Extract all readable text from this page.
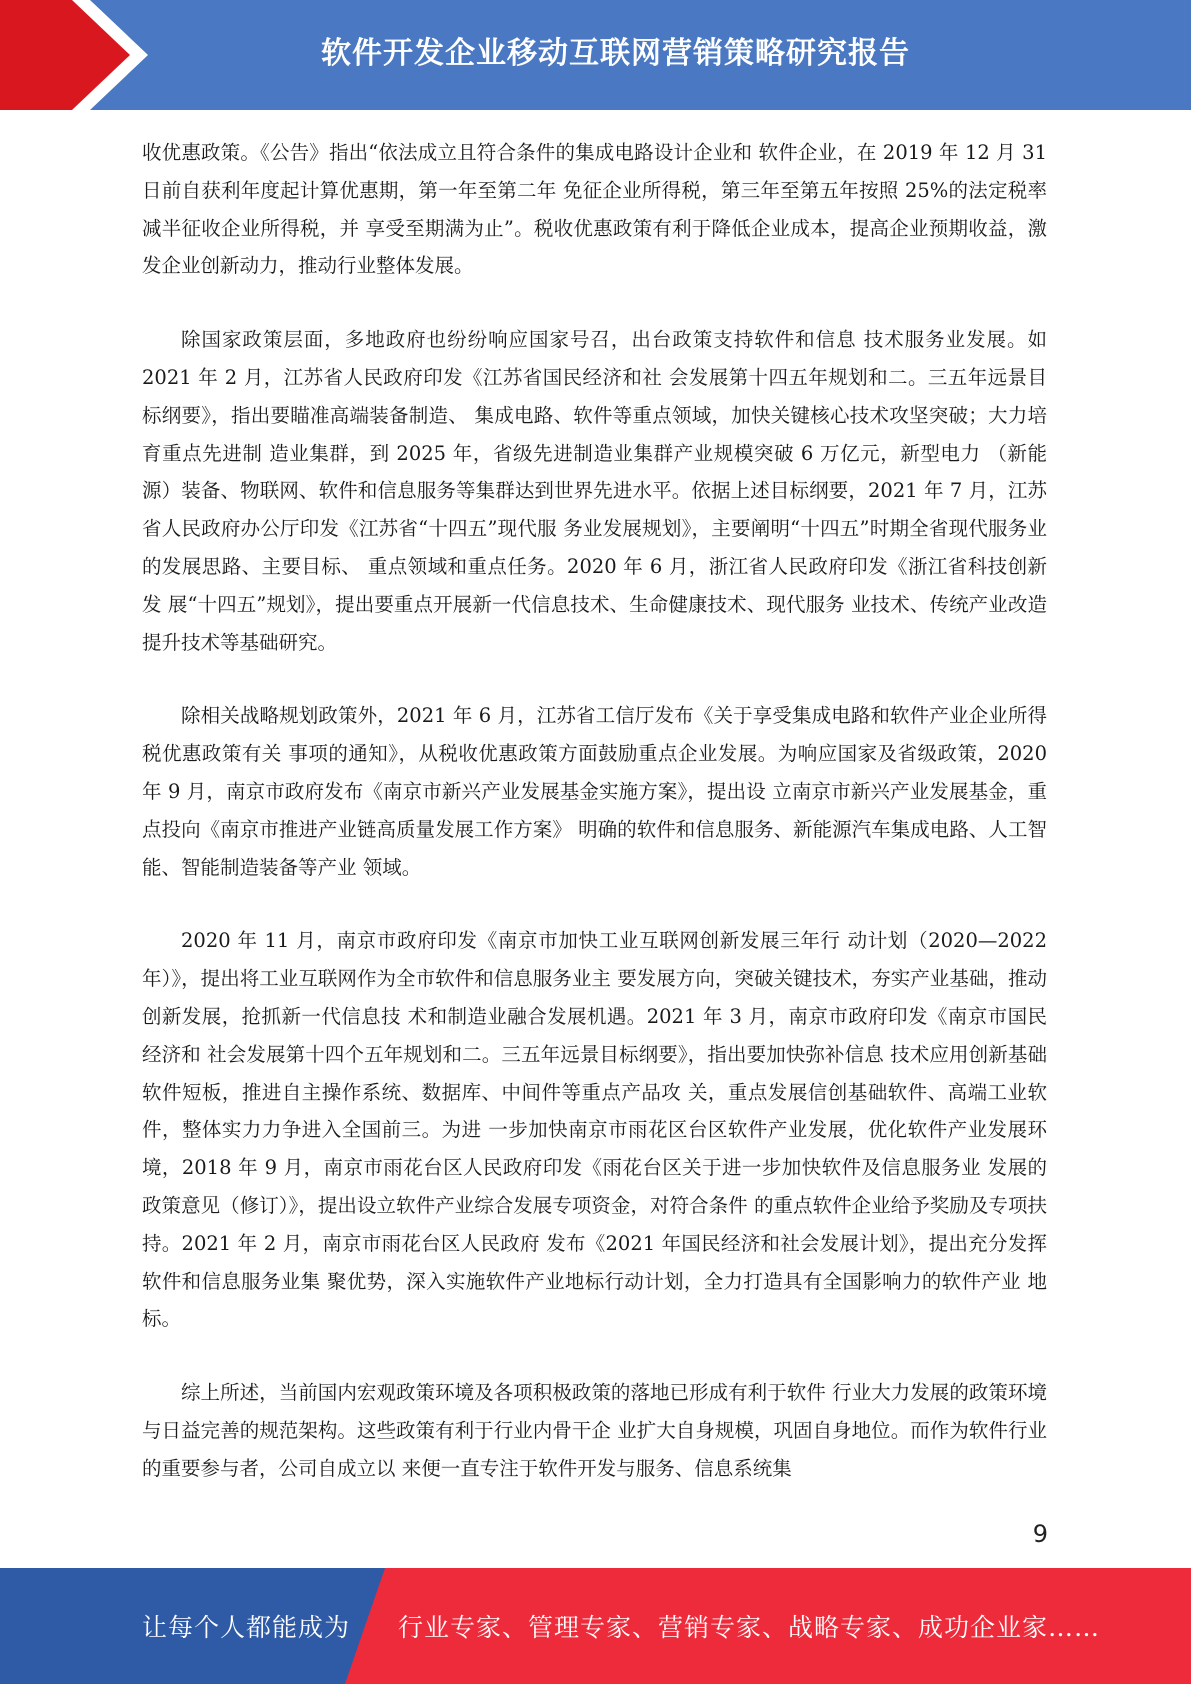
软件开发企业移动互联网营销策略研究报告

收优惠政策。《公告》指出“依法成立且符合条件的集成电路设计企业和 软件企业，在 2019 年 12 月 31 日前自获利年度起计算优惠期，第一年至第二年 免征企业所得税，第三年至第五年按照 25%的法定税率减半征收企业所得税，并 享受至期满为止”。税收优惠政策有利于降低企业成本，提高企业预期收益，激 发企业创新动力，推动行业整体发展。

除国家政策层面，多地政府也纷纷响应国家号召，出台政策支持软件和信息 技术服务业发展。如 2021 年 2 月，江苏省人民政府印发《江苏省国民经济和社 会发展第十四五年规划和二。三五年远景目标纲要》，指出要瞄准高端装备制造、 集成电路、软件等重点领域，加快关键核心技术攻坚突破；大力培育重点先进制 造业集群，到 2025 年，省级先进制造业集群产业规模突破 6 万亿元，新型电力 （新能源）装备、物联网、软件和信息服务等集群达到世界先进水平。依据上述目标纲要，2021 年 7 月，江苏省人民政府办公厅印发《江苏省“十四五”现代服 务业发展规划》，主要阐明“十四五”时期全省现代服务业的发展思路、主要目标、 重点领域和重点任务。2020 年 6 月，浙江省人民政府印发《浙江省科技创新发 展“十四五”规划》，提出要重点开展新一代信息技术、生命健康技术、现代服务 业技术、传统产业改造提升技术等基础研究。

除相关战略规划政策外，2021 年 6 月，江苏省工信厅发布《关于享受集成电路和软件产业企业所得税优惠政策有关 事项的通知》，从税收优惠政策方面鼓励重点企业发展。为响应国家及省级政策，2020 年 9 月，南京市政府发布《南京市新兴产业发展基金实施方案》，提出设 立南京市新兴产业发展基金，重点投向《南京市推进产业链高质量发展工作方案》 明确的软件和信息服务、新能源汽车集成电路、人工智能、智能制造装备等产业 领域。

2020 年 11 月，南京市政府印发《南京市加快工业互联网创新发展三年行 动计划（2020—2022 年）》，提出将工业互联网作为全市软件和信息服务业主 要发展方向，突破关键技术，夯实产业基础，推动创新发展，抢抓新一代信息技 术和制造业融合发展机遇。2021 年 3 月，南京市政府印发《南京市国民经济和 社会发展第十四个五年规划和二。三五年远景目标纲要》，指出要加快弥补信息 技术应用创新基础软件短板，推进自主操作系统、数据库、中间件等重点产品攻 关，重点发展信创基础软件、高端工业软件，整体实力力争进入全国前三。为进 一步加快南京市雨花区台区软件产业发展，优化软件产业发展环境，2018 年 9 月，南京市雨花台区人民政府印发《雨花台区关于进一步加快软件及信息服务业 发展的政策意见（修订）》，提出设立软件产业综合发展专项资金，对符合条件 的重点软件企业给予奖励及专项扶持。2021 年 2 月，南京市雨花台区人民政府 发布《2021 年国民经济和社会发展计划》，提出充分发挥软件和信息服务业集 聚优势，深入实施软件产业地标行动计划，全力打造具有全国影响力的软件产业 地标。

综上所述，当前国内宏观政策环境及各项积极政策的落地已形成有利于软件 行业大力发展的政策环境与日益完善的规范架构。这些政策有利于行业内骨干企 业扩大自身规模，巩固自身地位。而作为软件行业的重要参与者，公司自成立以 来便一直专注于软件开发与服务、信息系统集

9
让每个人都能成为 行业专家、管理专家、营销专家、战略专家、成功企业家……
